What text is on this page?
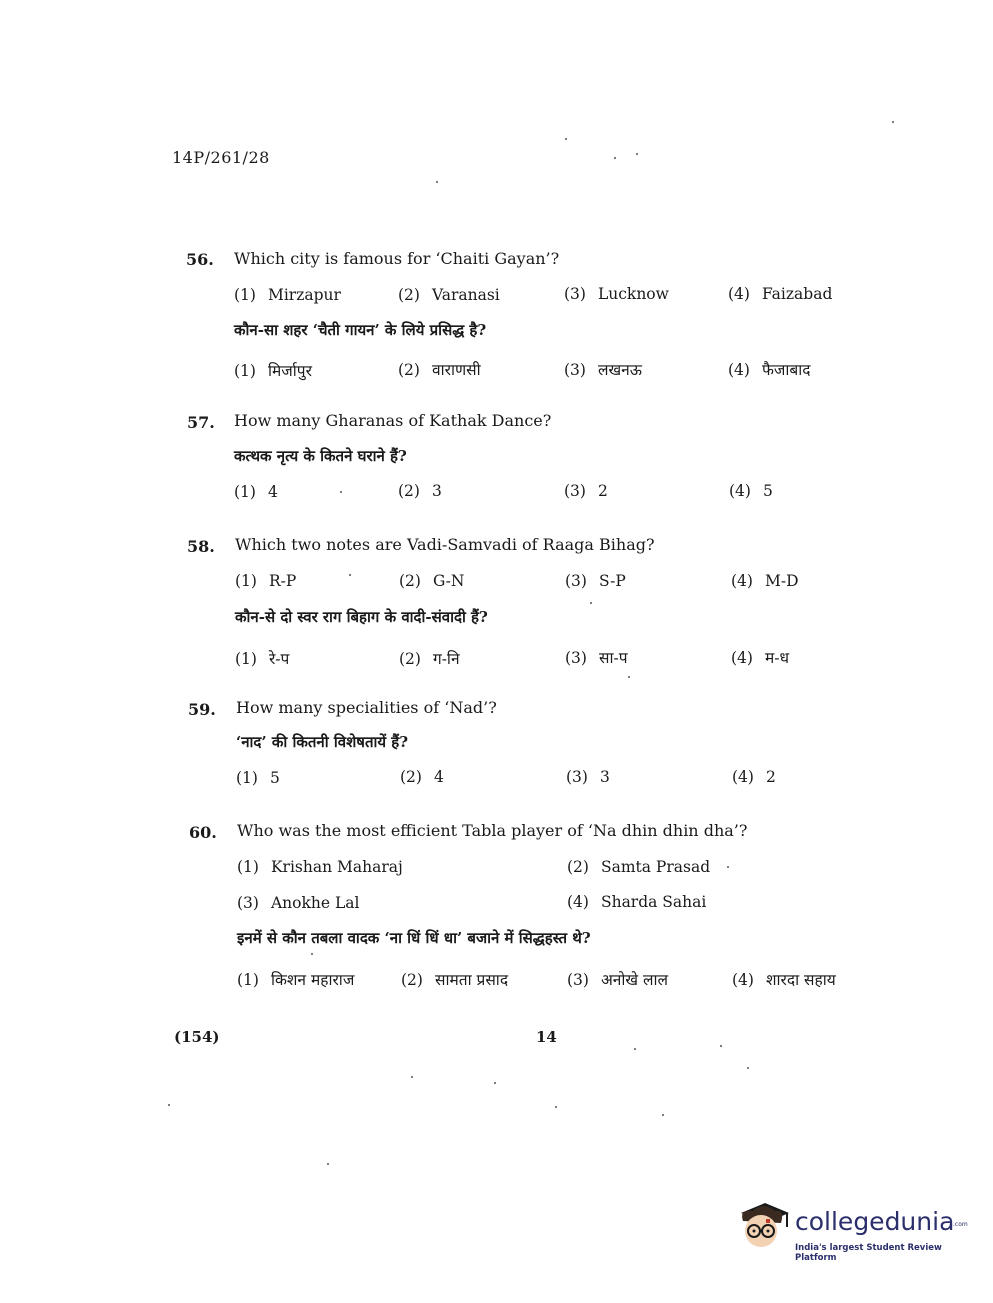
14P/261/28
56. Which city is famous for ‘Chaiti Gayan’?
(1) Mirzapur	(2) Varanasi	(3) Lucknow	(4) Faizabad
कौन-सा शहर ‘चैती गायन’ के लिये प्रसिद्ध है?
(1) मिर्जापुर	(2) वाराणसी	(3) लखनऊ	(4) फैजाबाद
57. How many Gharanas of Kathak Dance?
कत्थक नृत्य के कितने घराने हैं?
(1) 4	(2) 3	(3) 2	(4) 5
58. Which two notes are Vadi-Samvadi of Raaga Bihag?
(1) R-P	(2) G-N	(3) S-P	(4) M-D
कौन-से दो स्वर राग बिहाग के वादी-संवादी हैं?
(1) रे-प	(2) ग-नि	(3) सा-प	(4) म-ध
59. How many specialities of ‘Nad’?
‘नाद’ की कितनी विशेषतायें हैं?
(1) 5	(2) 4	(3) 3	(4) 2
60. Who was the most efficient Tabla player of ‘Na dhin dhin dha’?
(1) Krishan Maharaj	(2) Samta Prasad
(3) Anokhe Lal	(4) Sharda Sahai
इनमें से कौन तबला वादक ‘ना धिं धिं धा’ बजाने में सिद्धहस्त थे?
(1) किशन महाराज	(2) सामता प्रसाद	(3) अनोखे लाल	(4) शारदा सहाय
(154)	14
collegedunia
.com
India's largest Student Review Platform
